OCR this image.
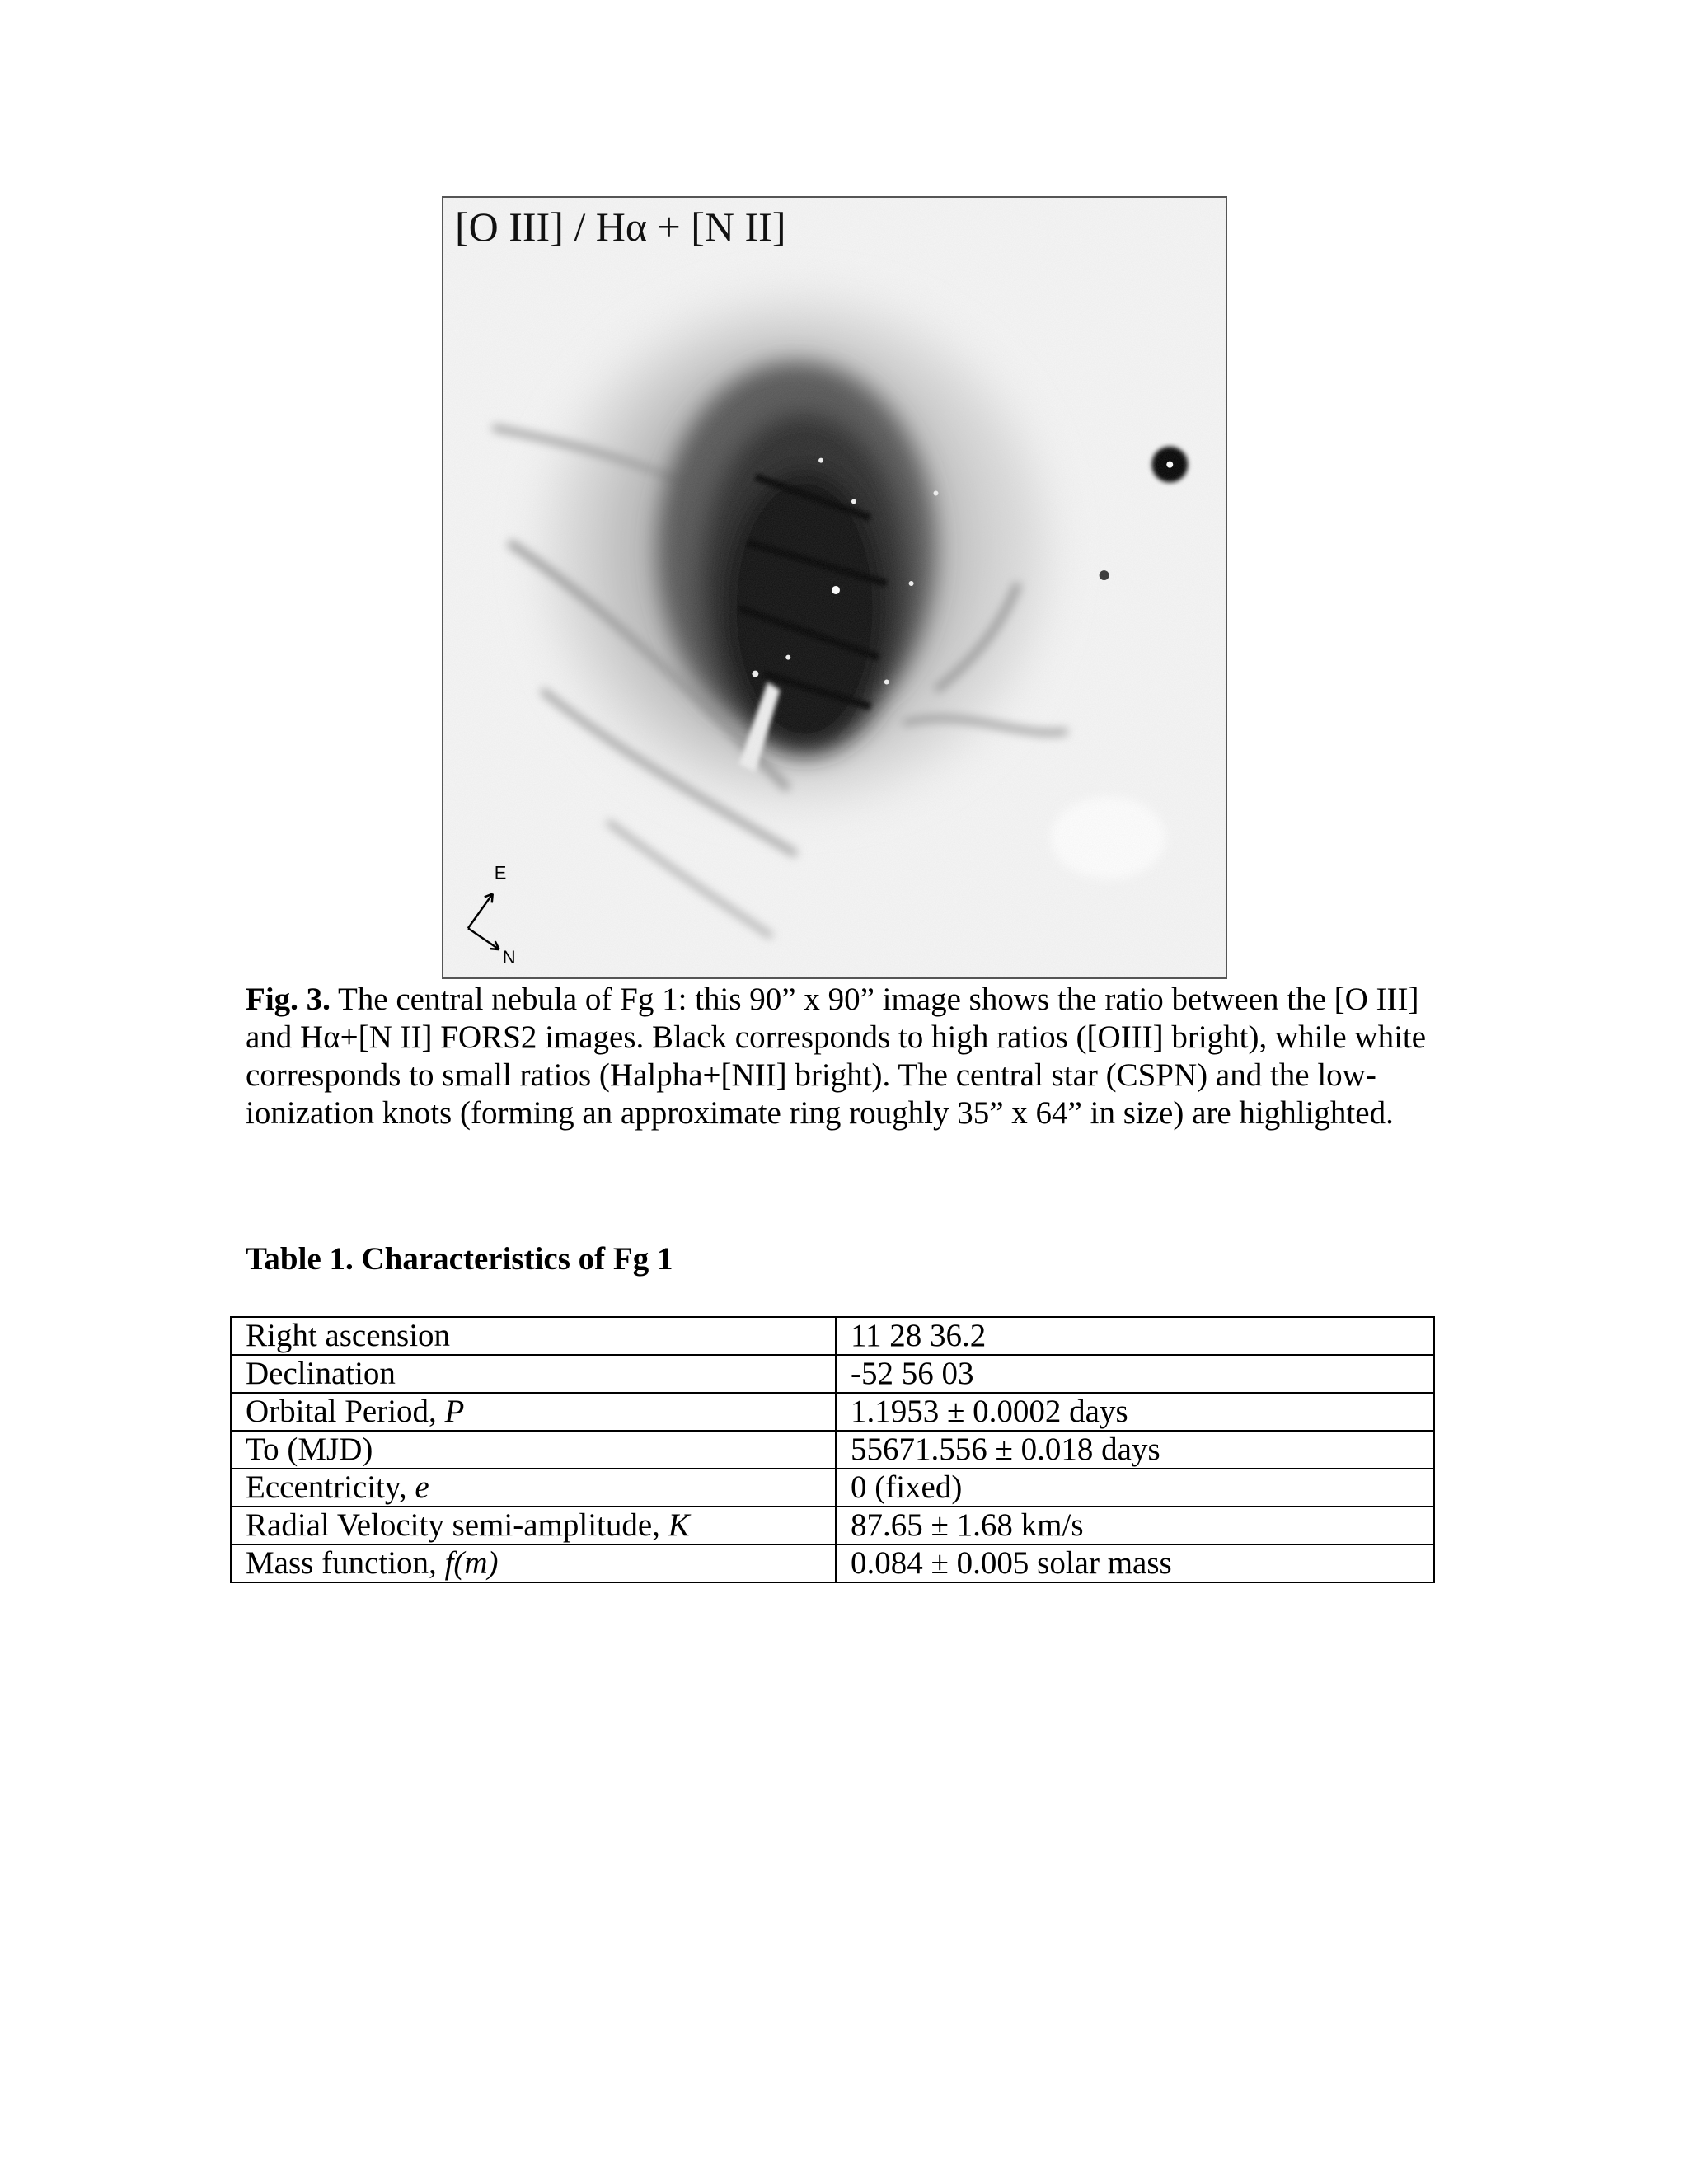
E
N
[O III] / Hα + [N II]
Fig. 3. The central nebula of Fg 1: this 90” x 90” image shows the ratio between the [O III] and Hα+[N II] FORS2 images. Black corresponds to high ratios ([OIII] bright), while white corresponds to small ratios (Halpha+[NII] bright). The central star (CSPN) and the low-ionization knots (forming an approximate ring roughly 35” x 64” in size) are highlighted.
Table 1. Characteristics of Fg 1
Right ascension	11 28 36.2
Declination	-52 56 03
Orbital Period, P	1.1953 ± 0.0002 days
To (MJD)	55671.556 ± 0.018 days
Eccentricity, e	0 (fixed)
Radial Velocity semi-amplitude, K	87.65 ± 1.68 km/s
Mass function, f(m)	0.084 ± 0.005 solar mass
